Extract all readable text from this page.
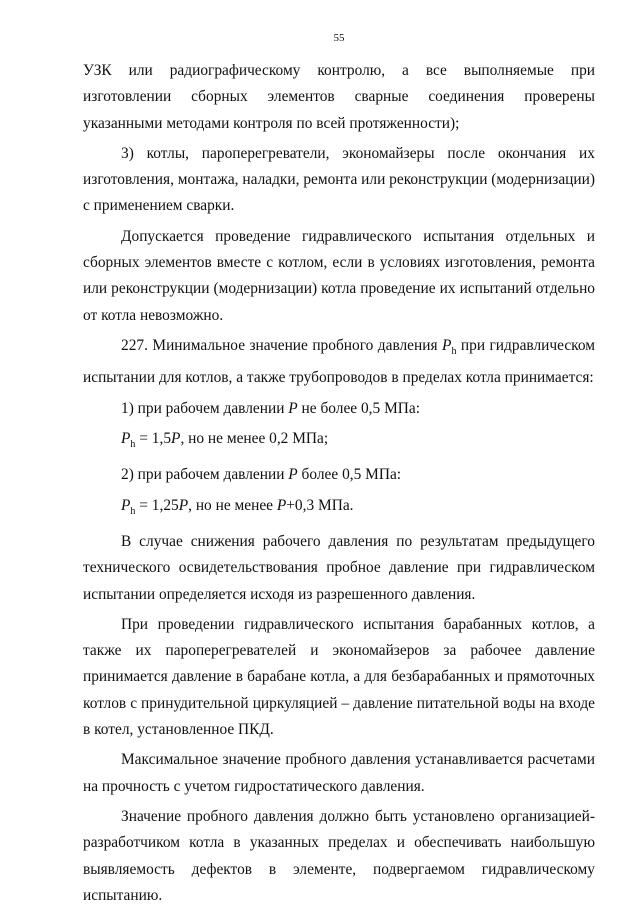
55

УЗК или радиографическому контролю, а все выполняемые при изготовлении сборных элементов сварные соединения проверены указанными методами контроля по всей протяженности);

3) котлы, пароперегреватели, экономайзеры после окончания их изготовления, монтажа, наладки, ремонта или реконструкции (модернизации) с применением сварки.

Допускается проведение гидравлического испытания отдельных и сборных элементов вместе с котлом, если в условиях изготовления, ремонта или реконструкции (модернизации) котла проведение их испытаний отдельно от котла невозможно.

227. Минимальное значение пробного давления $P_h$ при гидравлическом испытании для котлов, а также трубопроводов в пределах котла принимается:

1) при рабочем давлении P не более 0,5 МПа:

$P_h = 1,5P$, но не менее 0,2 МПа;

2) при рабочем давлении P более 0,5 МПа:

$P_h = 1,25P$, но не менее P+0,3 МПа.

В случае снижения рабочего давления по результатам предыдущего технического освидетельствования пробное давление при гидравлическом испытании определяется исходя из разрешенного давления.

При проведении гидравлического испытания барабанных котлов, а также их пароперегревателей и экономайзеров за рабочее давление принимается давление в барабане котла, а для безбарабанных и прямоточных котлов с принудительной циркуляцией – давление питательной воды на входе в котел, установленное ПКД.

Максимальное значение пробного давления устанавливается расчетами на прочность с учетом гидростатического давления.

Значение пробного давления должно быть установлено организацией-разработчиком котла в указанных пределах и обеспечивать наибольшую выявляемость дефектов в элементе, подвергаемом гидравлическому испытанию.
